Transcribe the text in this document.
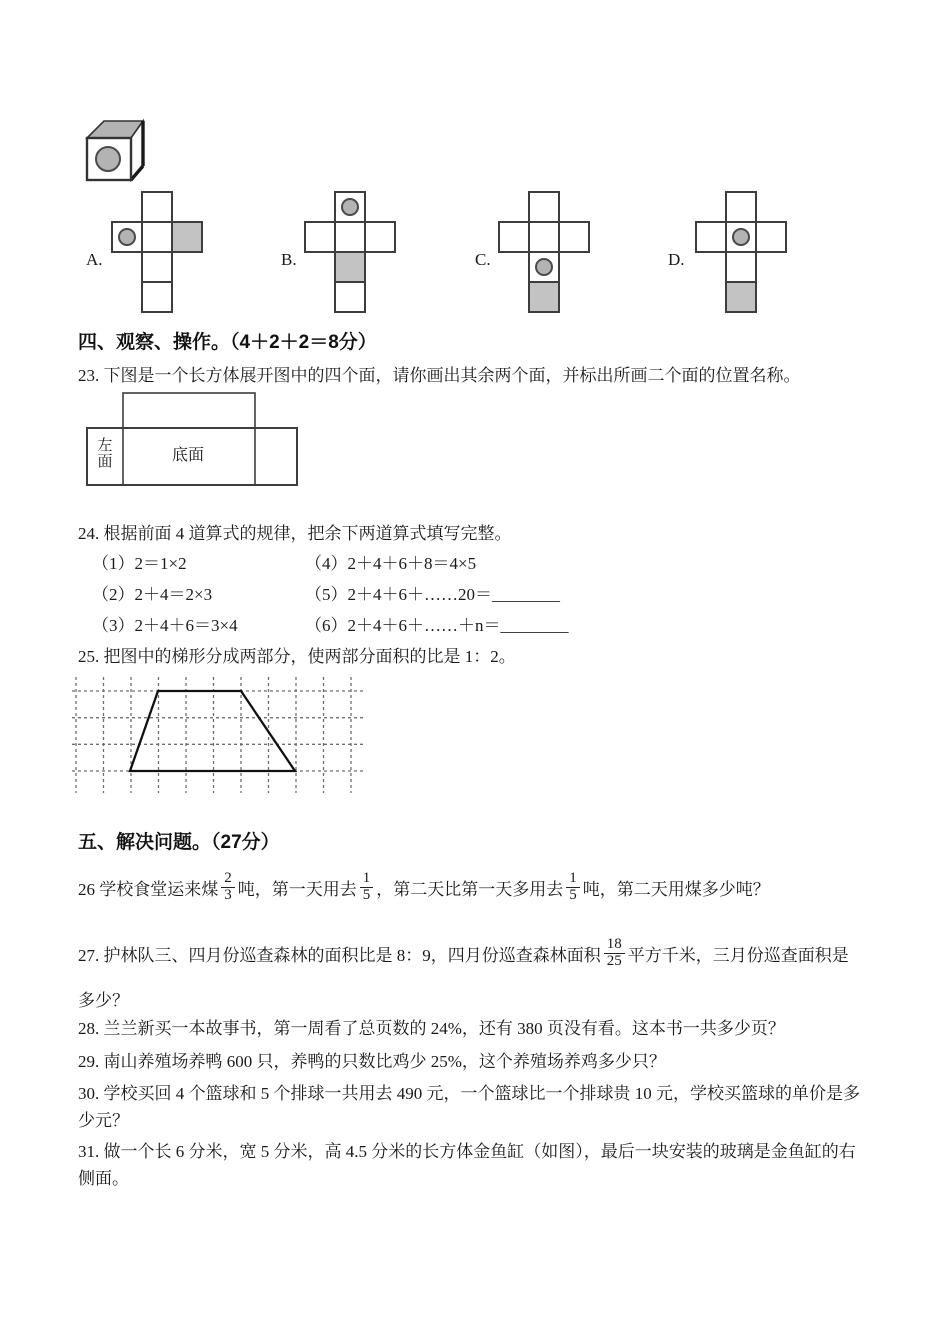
A.	B.	C.	D.
四、观察、操作。（4＋2＋2＝8分）
23. 下图是一个长方体展开图中的四个面，请你画出其余两个面，并标出所画二个面的位置名称。
左面	底面
24. 根据前面 4 道算式的规律，把余下两道算式填写完整。
（1）2＝1×2	（4）2＋4＋6＋8＝4×5
（2）2＋4＝2×3	（5）2＋4＋6＋……20＝________
（3）2＋4＋6＝3×4	（6）2＋4＋6＋……＋n＝________
25. 把图中的梯形分成两部分，使两部分面积的比是 1：2。
五、解决问题。（27分）
26 学校食堂运来煤 $\frac{2}{3}$ 吨，第一天用去 $\frac{1}{5}$ ，第二天比第一天多用去 $\frac{1}{5}$ 吨，第二天用煤多少吨？
27. 护林队三、四月份巡查森林的面积比是 8：9，四月份巡查森林面积 $\frac{18}{25}$ 平方千米，三月份巡查面积是
多少？
28. 兰兰新买一本故事书，第一周看了总页数的 24%，还有 380 页没有看。这本书一共多少页？
29. 南山养殖场养鸭 600 只，养鸭的只数比鸡少 25%，这个养殖场养鸡多少只？
30. 学校买回 4 个篮球和 5 个排球一共用去 490 元，一个篮球比一个排球贵 10 元，学校买篮球的单价是多
少元？
31. 做一个长 6 分米，宽 5 分米，高 4.5 分米的长方体金鱼缸（如图），最后一块安装的玻璃是金鱼缸的右
侧面。
